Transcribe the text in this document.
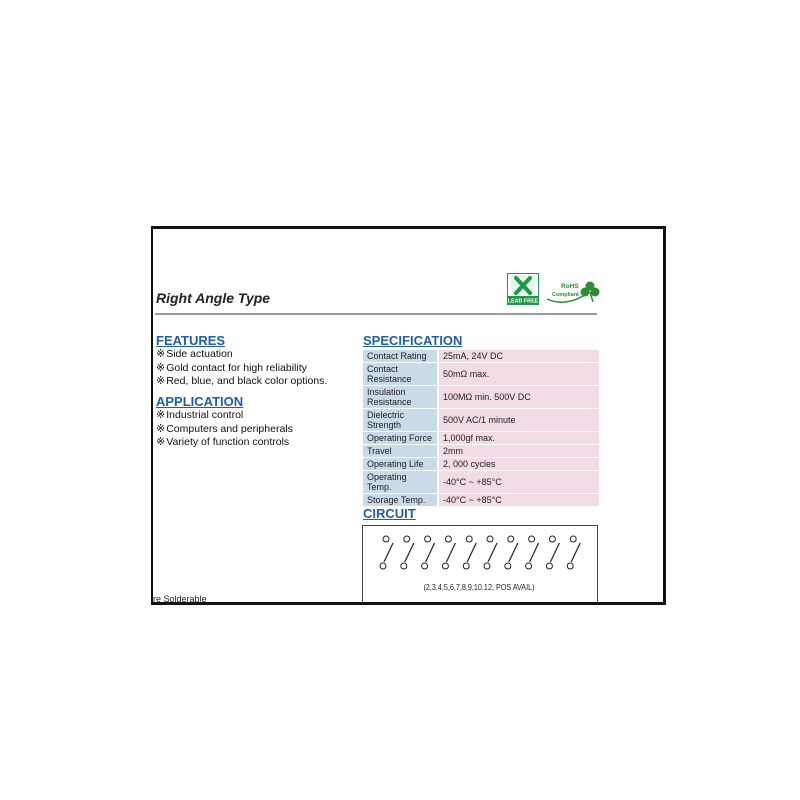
Right Angle Type	LEAD FREE
RoHS
Compliant
FEATURES
※Side actuation
※Gold contact for high reliability
※Red, blue, and black color options.
APPLICATION
※Industrial control
※Computers and peripherals
※Variety of function controls
SPECIFICATION
Contact Rating	25mA, 24V DC
Contact Resistance	50mΩ max.
Insulation Resistance	100MΩ min. 500V DC
Dielectric Strength	500V AC/1 minute
Operating Force	1,000gf max.
Travel	2mm
Operating Life	2, 000 cycles
Operating Temp.	-40°C ~ +85°C
Storage Temp.	-40°C ~ +85°C
CIRCUIT
(2,3,4,5,6,7,8,9,10,12, POS AVAIL)
re Solderable
